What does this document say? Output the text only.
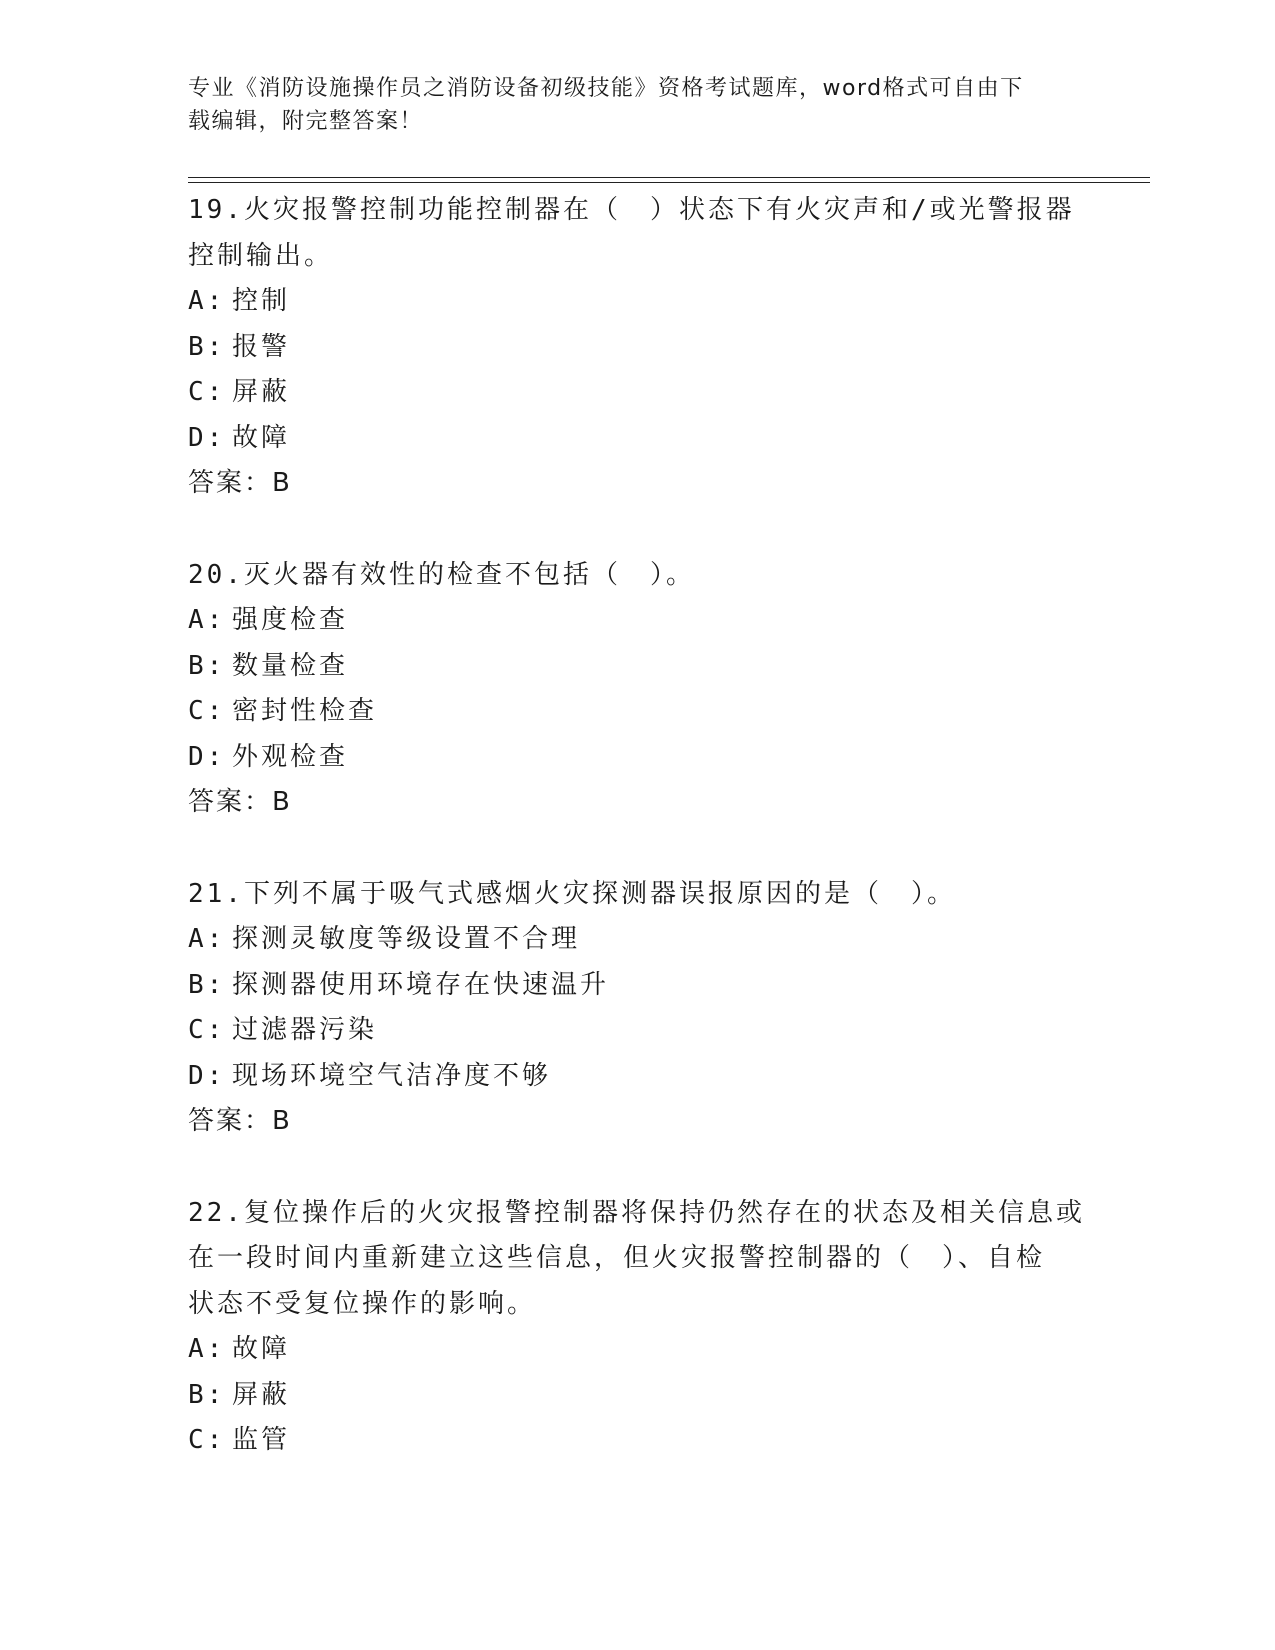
专业《消防设施操作员之消防设备初级技能》资格考试题库，word格式可自由下
载编辑，附完整答案！
19.火灾报警控制功能控制器在（　）状态下有火灾声和/或光警报器
控制输出。
A: 控制
B: 报警
C: 屏蔽
D: 故障
答案：B
20.灭火器有效性的检查不包括（　）。
A: 强度检查
B: 数量检查
C: 密封性检查
D: 外观检查
答案：B
21.下列不属于吸气式感烟火灾探测器误报原因的是（　）。
A: 探测灵敏度等级设置不合理
B: 探测器使用环境存在快速温升
C: 过滤器污染
D: 现场环境空气洁净度不够
答案：B
22.复位操作后的火灾报警控制器将保持仍然存在的状态及相关信息或
在一段时间内重新建立这些信息，但火灾报警控制器的（　）、自检
状态不受复位操作的影响。
A: 故障
B: 屏蔽
C: 监管
